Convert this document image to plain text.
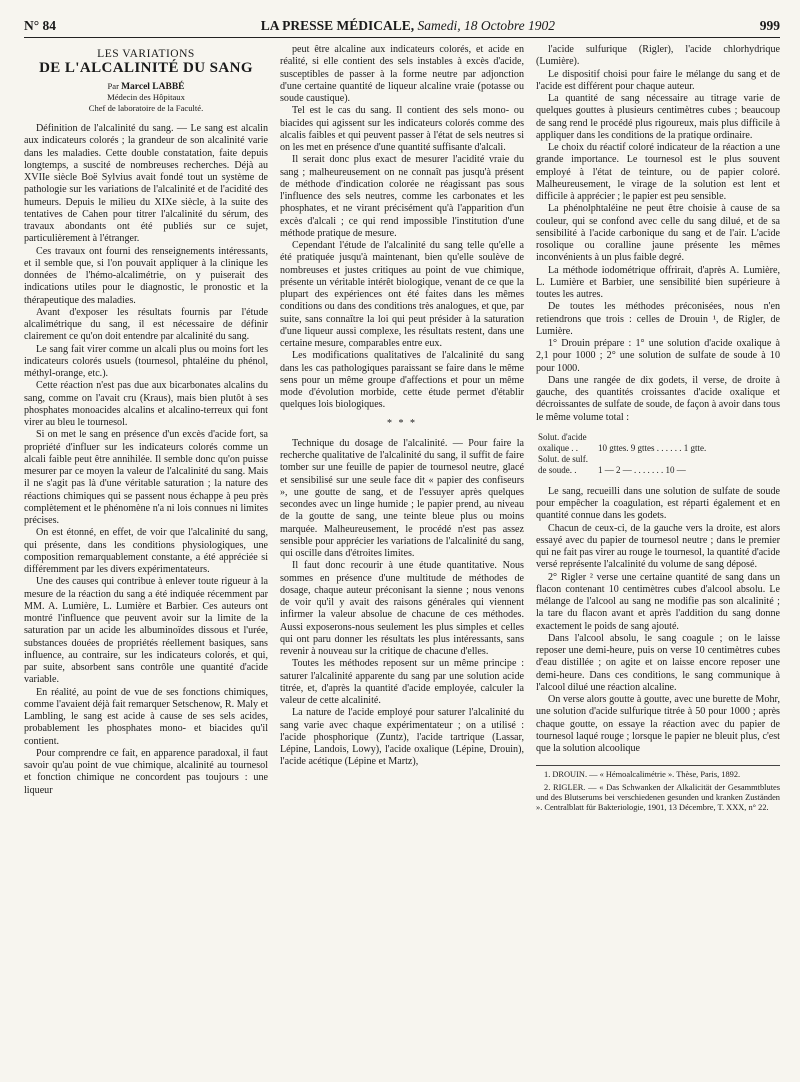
N° 84	LA PRESSE MÉDICALE, Samedi, 18 Octobre 1902	999
LES VARIATIONS
DE L'ALCALINITÉ DU SANG
Par Marcel LABBÉ
Médecin des Hôpitaux
Chef de laboratoire de la Faculté.

Définition de l'alcalinité du sang. — Le sang est alcalin aux indicateurs colorés ; la grandeur de son alcalinité varie dans les maladies. Cette double constatation, faite depuis longtemps, a suscité de nombreuses recherches. Déjà au XVIIe siècle Boë Sylvius avait fondé tout un système de pathologie sur les variations de l'alcalinité et de l'acidité des humeurs. Depuis le milieu du XIXe siècle, à la suite des tentatives de Cahen pour titrer l'alcalinité du sérum, des travaux abondants ont été publiés sur ce sujet, particulièrement à l'étranger.

Ces travaux ont fourni des renseignements intéressants, et il semble que, si l'on pouvait appliquer à la clinique les données de l'hémo-alcalimétrie, on y puiserait des indications utiles pour le diagnostic, le pronostic et la thérapeutique des maladies.

Avant d'exposer les résultats fournis par l'étude alcalimétrique du sang, il est nécessaire de définir clairement ce qu'on doit entendre par alcalinité du sang.

Le sang fait virer comme un alcali plus ou moins fort les indicateurs colorés usuels (tournesol, phtaléine du phénol, méthyl-orange, etc.).

Cette réaction n'est pas due aux bicarbonates alcalins du sang, comme on l'avait cru (Kraus), mais bien plutôt à ses phosphates monoacides alcalins et alcalino-terreux qui font virer au bleu le tournesol.

Si on met le sang en présence d'un excès d'acide fort, sa propriété d'influer sur les indicateurs colorés comme un alcali faible peut être annihilée. Il semble donc qu'on puisse mesurer par ce moyen la valeur de l'alcalinité du sang. Mais il ne s'agit pas là d'une véritable saturation ; la nature des réactions chimiques qui se passent nous échappe à peu près complètement et le phénomène n'a ni lois connues ni limites précises.

On est étonné, en effet, de voir que l'alcalinité du sang, qui présente, dans les conditions physiologiques, une composition remarquablement constante, a été appréciée si différemment par les divers expérimentateurs.

Une des causes qui contribue à enlever toute rigueur à la mesure de la réaction du sang a été indiquée récemment par MM. A. Lumière, L. Lumière et Barbier. Ces auteurs ont montré l'influence que peuvent avoir sur la limite de la saturation par un acide les albuminoïdes dissous et l'urée, substances douées de propriétés réellement basiques, sans influence, au contraire, sur les indicateurs colorés, et qui, par suite, absorbent sans contrôle une quantité d'acide variable.

En réalité, au point de vue de ses fonctions chimiques, comme l'avaient déjà fait remarquer Setschenow, R. Maly et Lambling, le sang est acide à cause de ses sels acides, probablement les phosphates mono- et biacides qu'il contient.

Pour comprendre ce fait, en apparence paradoxal, il faut savoir qu'au point de vue chimique, alcalinité au tournesol et fonction chimique ne concordent pas toujours : une liqueur

peut être alcaline aux indicateurs colorés, et acide en réalité, si elle contient des sels instables à excès d'acide, susceptibles de passer à la forme neutre par adjonction d'une certaine quantité de liqueur alcaline vraie (potasse ou soude caustique).

Tel est le cas du sang. Il contient des sels mono- ou biacides qui agissent sur les indicateurs colorés comme des alcalis faibles et qui peuvent passer à l'état de sels neutres si on les met en présence d'une quantité suffisante d'alcali.

Il serait donc plus exact de mesurer l'acidité vraie du sang ; malheureusement on ne connaît pas jusqu'à présent de méthode d'indication colorée ne réagissant pas sous l'influence des sels neutres, comme les carbonates et les phosphates, et ne virant précisément qu'à l'apparition d'un excès d'alcali ; ce qui rend impossible l'institution d'une méthode pratique de mesure.

Cependant l'étude de l'alcalinité du sang telle qu'elle a été pratiquée jusqu'à maintenant, bien qu'elle soulève de nombreuses et justes critiques au point de vue chimique, présente un véritable intérêt biologique, venant de ce que la plupart des expériences ont été faites dans les mêmes conditions ou dans des conditions très analogues, et que, par suite, sans connaître la loi qui peut présider à la saturation d'une liqueur aussi complexe, les résultats restent, dans une certaine mesure, comparables entre eux.

Les modifications qualitatives de l'alcalinité du sang dans les cas pathologiques paraissant se faire dans le même sens pour un même groupe d'affections et pour un même mode d'évolution morbide, cette étude permet d'établir quelques lois biologiques.

* * *

Technique du dosage de l'alcalinité. — Pour faire la recherche qualitative de l'alcalinité du sang, il suffit de faire tomber sur une feuille de papier de tournesol neutre, glacé et sensibilisé sur une seule face dit « papier des confiseurs », une goutte de sang, et de l'essuyer après quelques secondes avec un linge humide ; le papier prend, au niveau de la goutte de sang, une teinte bleue plus ou moins marquée. Malheureusement, le procédé n'est pas assez sensible pour apprécier les variations de l'alcalinité du sang, qui oscille dans d'étroites limites.

Il faut donc recourir à une étude quantitative. Nous sommes en présence d'une multitude de méthodes de dosage, chaque auteur préconisant la sienne ; nous venons de voir qu'il y avait des raisons générales qui viennent infirmer la valeur absolue de chacune de ces méthodes. Aussi exposerons-nous seulement les plus simples et celles qui ont paru donner les résultats les plus intéressants, sans revenir à nouveau sur la critique de chacune d'elles.

Toutes les méthodes reposent sur un même principe : saturer l'alcalinité apparente du sang par une solution acide titrée, et, d'après la quantité d'acide employée, calculer la valeur de cette alcalinité.

La nature de l'acide employé pour saturer l'alcalinité du sang varie avec chaque expérimentateur ; on a utilisé : l'acide phosphorique (Zuntz), l'acide tartrique (Lassar, Lépine, Landois, Lowy), l'acide oxalique (Lépine, Drouin), l'acide acétique (Lépine et Martz),

l'acide sulfurique (Rigler), l'acide chlorhydrique (Lumière).

Le dispositif choisi pour faire le mélange du sang et de l'acide est différent pour chaque auteur.

La quantité de sang nécessaire au titrage varie de quelques gouttes à plusieurs centimètres cubes ; beaucoup de sang rend le procédé plus rigoureux, mais plus difficile à appliquer dans les conditions de la pratique ordinaire.

Le choix du réactif coloré indicateur de la réaction a une grande importance. Le tournesol est le plus souvent employé à l'état de teinture, ou de papier coloré. Malheureusement, le virage de la solution est lent et difficile à apprécier ; le papier est peu sensible.

La phénolphtaléine ne peut être choisie à cause de sa couleur, qui se confond avec celle du sang dilué, et de sa sensibilité à l'acide carbonique du sang et de l'air. L'acide rosolique ou coralline jaune présente les mêmes inconvénients à un plus faible degré.

La méthode iodométrique offrirait, d'après A. Lumière, L. Lumière et Barbier, une sensibilité bien supérieure à toutes les autres.

De toutes les méthodes préconisées, nous n'en retiendrons que trois : celles de Drouin ¹, de Rigler, de Lumière.

1° Drouin prépare : 1° une solution d'acide oxalique à 2,1 pour 1000 ; 2° une solution de sulfate de soude à 10 pour 1000.

Dans une rangée de dix godets, il verse, de droite à gauche, des quantités croissantes d'acide oxalique et décroissantes de sulfate de soude, de façon à avoir dans tous le même volume total :

Solut. d'acide
oxalique . .	10 gttes. 9 gttes . . . . . . 1 gtte.
Solut. de sulf.
de soude. .	1 — 2 — . . . . . . . 10 —

Le sang, recueilli dans une solution de sulfate de soude pour empêcher la coagulation, est réparti également et en quantité connue dans les godets.

Chacun de ceux-ci, de la gauche vers la droite, est alors essayé avec du papier de tournesol neutre ; dans le premier qui ne fait pas virer au rouge le tournesol, la quantité d'acide versé représente l'alcalinité du volume de sang déposé.

2° Rigler ² verse une certaine quantité de sang dans un flacon contenant 10 centimètres cubes d'alcool absolu. Le mélange de l'alcool au sang ne modifie pas son alcalinité ; la tare du flacon avant et après l'addition du sang donne exactement le poids de sang ajouté.

Dans l'alcool absolu, le sang coagule ; on le laisse reposer une demi-heure, puis on verse 10 centimètres cubes d'eau distillée ; on agite et on laisse encore reposer une demi-heure. Dans ces conditions, le sang communique à l'alcool dilué une réaction alcaline.

On verse alors goutte à goutte, avec une burette de Mohr, une solution d'acide sulfurique titrée à 50 pour 1000 ; après chaque goutte, on essaye la réaction avec du papier de tournesol laqué rouge ; lorsque le papier ne bleuit plus, c'est que la solution alcoolique

1. DROUIN. — « Hémoalcalimétrie ». Thèse, Paris, 1892.

2. RIGLER. — « Das Schwanken der Alkalicität der Gesammtblutes und des Blutserums bei verschiedenen gesunden und kranken Zuständen ». Centralblatt für Bakteriologie, 1901, 13 Décembre, T. XXX, n° 22.
